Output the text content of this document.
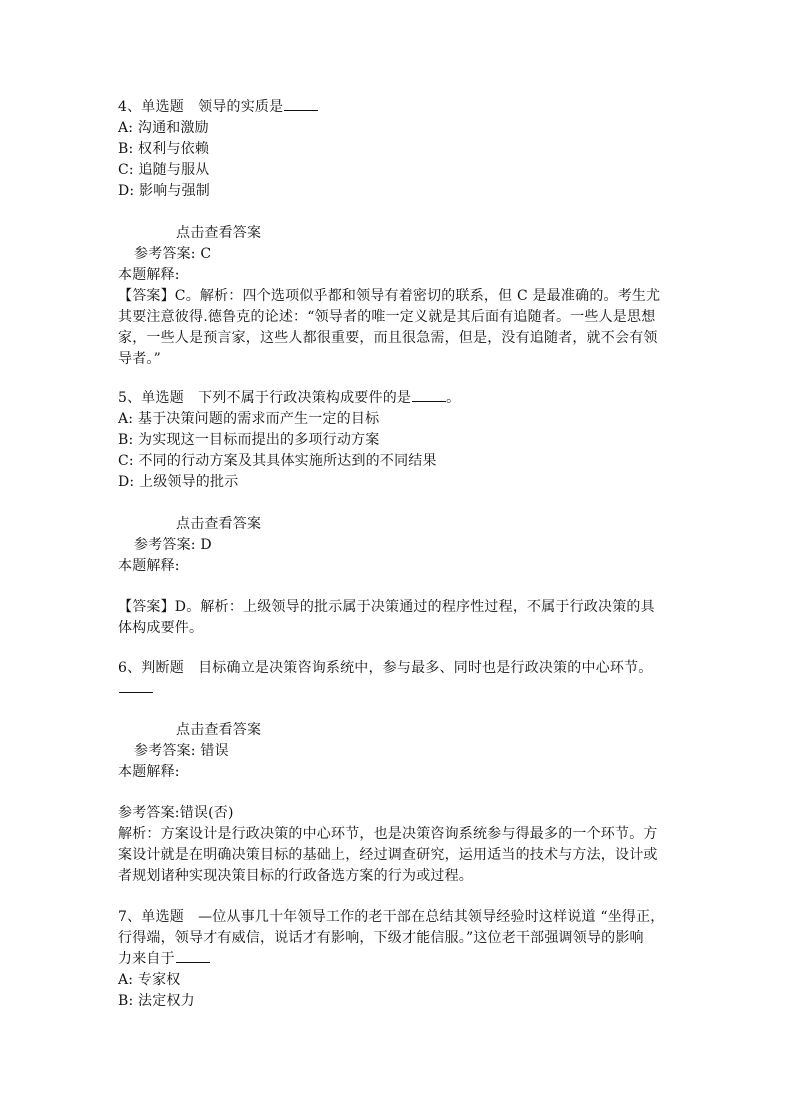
4、单选题　领导的实质是
A: 沟通和激励
B: 权利与依赖
C: 追随与服从
D: 影响与强制
点击查看答案
参考答案: C
本题解释:
【答案】C。解析：四个选项似乎都和领导有着密切的联系，但 C 是最准确的。考生尤
其要注意彼得.德鲁克的论述：“领导者的唯一定义就是其后面有追随者。一些人是思想
家，一些人是预言家，这些人都很重要，而且很急需，但是，没有追随者，就不会有领
导者。”
5、单选题　下列不属于行政决策构成要件的是	。
A: 基于决策问题的需求而产生一定的目标
B: 为实现这一目标而提出的多项行动方案
C: 不同的行动方案及其具体实施所达到的不同结果
D: 上级领导的批示
点击查看答案
参考答案: D
本题解释:
【答案】D。解析：上级领导的批示属于决策通过的程序性过程，不属于行政决策的具
体构成要件。
6、判断题　目标确立是决策咨询系统中，参与最多、同时也是行政决策的中心环节。
点击查看答案
参考答案: 错误
本题解释:
参考答案:错误(否)
解析：方案设计是行政决策的中心环节，也是决策咨询系统参与得最多的一个环节。方
案设计就是在明确决策目标的基础上，经过调查研究，运用适当的技术与方法，设计或
者规划诸种实现决策目标的行政备选方案的行为或过程。
7、单选题　—位从事几十年领导工作的老干部在总结其领导经验时这样说道 “坐得正，
行得端，领导才有威信，说话才有影响，下级才能信服。”这位老干部强调领导的影响
力来自于
A: 专家权
B: 法定权力
